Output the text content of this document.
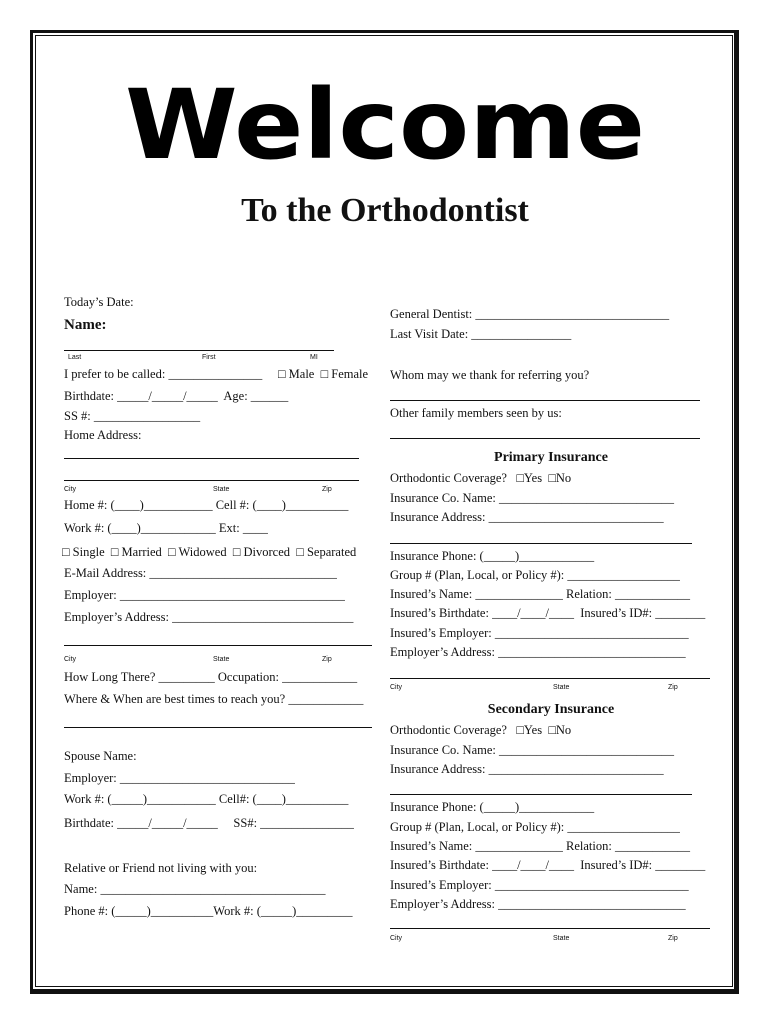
Welcome
To the Orthodontist
Today’s Date:
Name:
Last	First	MI
I prefer to be called: _______________ □ Male  □ Female
Birthdate: _____/_____/_____  Age: ______
SS #: _________________
Home Address:
City	State	Zip
Home #: (____)___________ Cell #: (____)__________
Work #: (____)____________ Ext: ____
□ Single  □ Married  □ Widowed  □ Divorced  □ Separated
E-Mail Address: ______________________________
Employer: ____________________________________
Employer’s Address: _____________________________
City	State	Zip
How Long There? _________ Occupation: ____________
Where & When are best times to reach you? ____________
Spouse Name:
Employer: ____________________________
Work #: (_____)___________ Cell#: (____)__________
Birthdate: _____/_____/_____     SS#: _______________
Relative or Friend not living with you:
Name: ____________________________________
Phone #: (_____)__________Work #: (_____)_________
General Dentist: _______________________________
Last Visit Date: ________________
Whom may we thank for referring you?
Other family members seen by us:
Primary Insurance
Orthodontic Coverage?   □Yes  □No
Insurance Co. Name: ____________________________
Insurance Address: ____________________________
Insurance Phone: (_____)____________
Group # (Plan, Local, or Policy #): __________________
Insured’s Name: ______________ Relation: ____________
Insured’s Birthdate: ____/____/____  Insured’s ID#: ________
Insured’s Employer: _______________________________
Employer’s Address: ______________________________
City	State	Zip
Secondary Insurance
Orthodontic Coverage?   □Yes  □No
Insurance Co. Name: ____________________________
Insurance Address: ____________________________
Insurance Phone: (_____)____________
Group # (Plan, Local, or Policy #): __________________
Insured’s Name: ______________ Relation: ____________
Insured’s Birthdate: ____/____/____  Insured’s ID#: ________
Insured’s Employer: _______________________________
Employer’s Address: ______________________________
City	State	Zip
